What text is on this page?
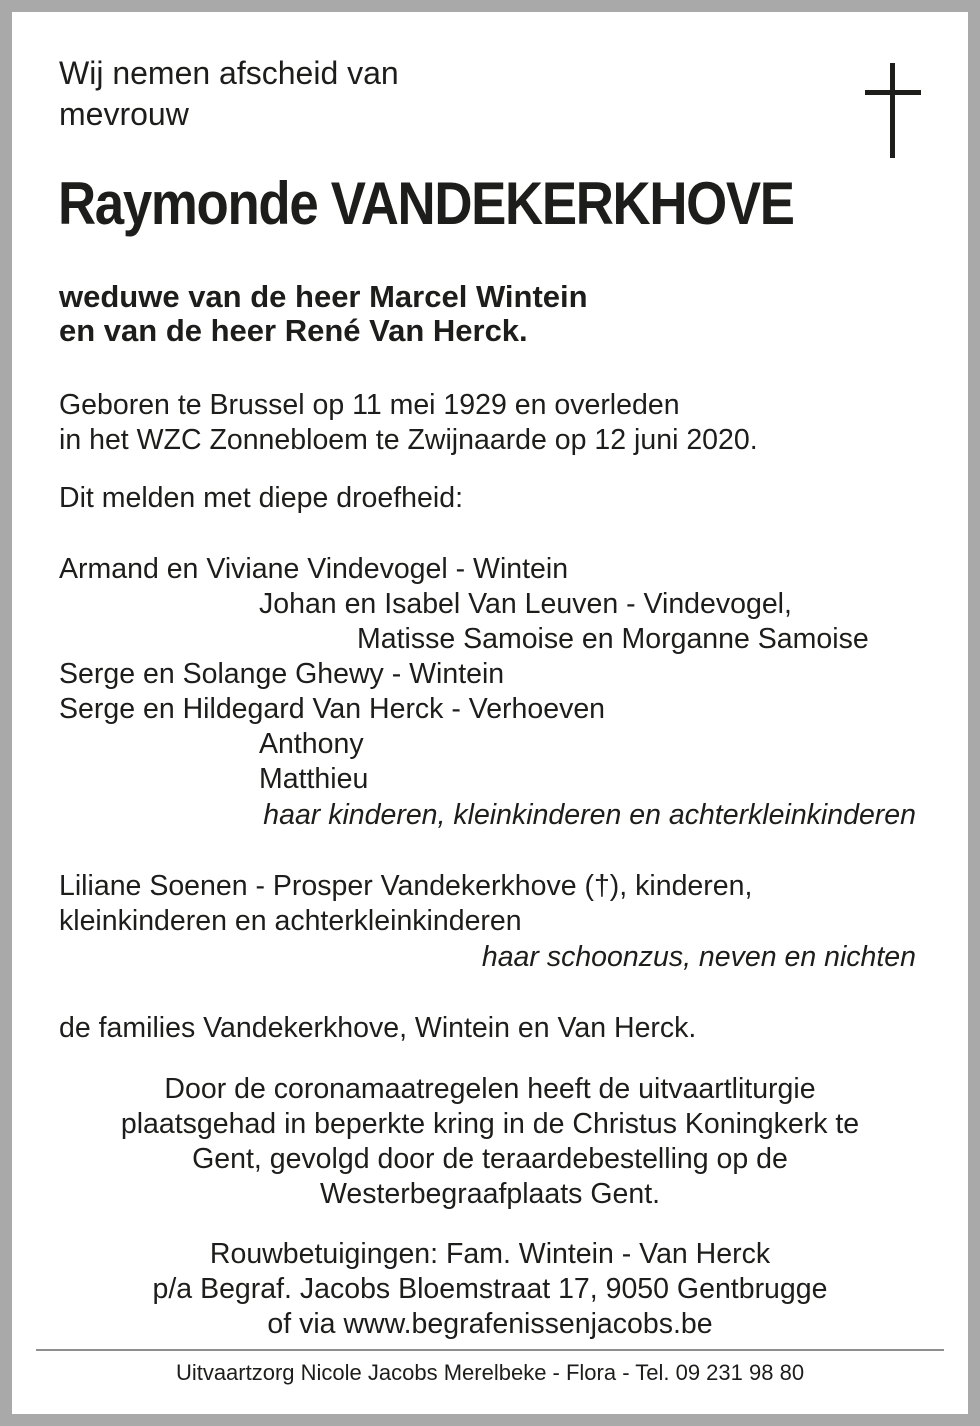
Wij nemen afscheid van
mevrouw
Raymonde VANDEKERKHOVE
weduwe van de heer Marcel Wintein
en van de heer René Van Herck.
Geboren te Brussel op 11 mei 1929 en overleden
in het WZC Zonnebloem te Zwijnaarde op 12 juni 2020.
Dit melden met diepe droefheid:
Armand en Viviane Vindevogel - Wintein
Johan en Isabel Van Leuven - Vindevogel,
Matisse Samoise en Morganne Samoise
Serge en Solange Ghewy - Wintein
Serge en Hildegard Van Herck - Verhoeven
Anthony
Matthieu
haar kinderen, kleinkinderen en achterkleinkinderen
Liliane Soenen - Prosper Vandekerkhove (†), kinderen,
kleinkinderen en achterkleinkinderen
haar schoonzus, neven en nichten
de families Vandekerkhove, Wintein en Van Herck.
Door de coronamaatregelen heeft de uitvaartliturgie
plaatsgehad in beperkte kring in de Christus Koningkerk te
Gent, gevolgd door de teraardebestelling op de
Westerbegraafplaats Gent.
Rouwbetuigingen: Fam. Wintein - Van Herck
p/a Begraf. Jacobs Bloemstraat 17, 9050 Gentbrugge
of via www.begrafenissenjacobs.be
Uitvaartzorg Nicole Jacobs Merelbeke - Flora - Tel. 09 231 98 80
